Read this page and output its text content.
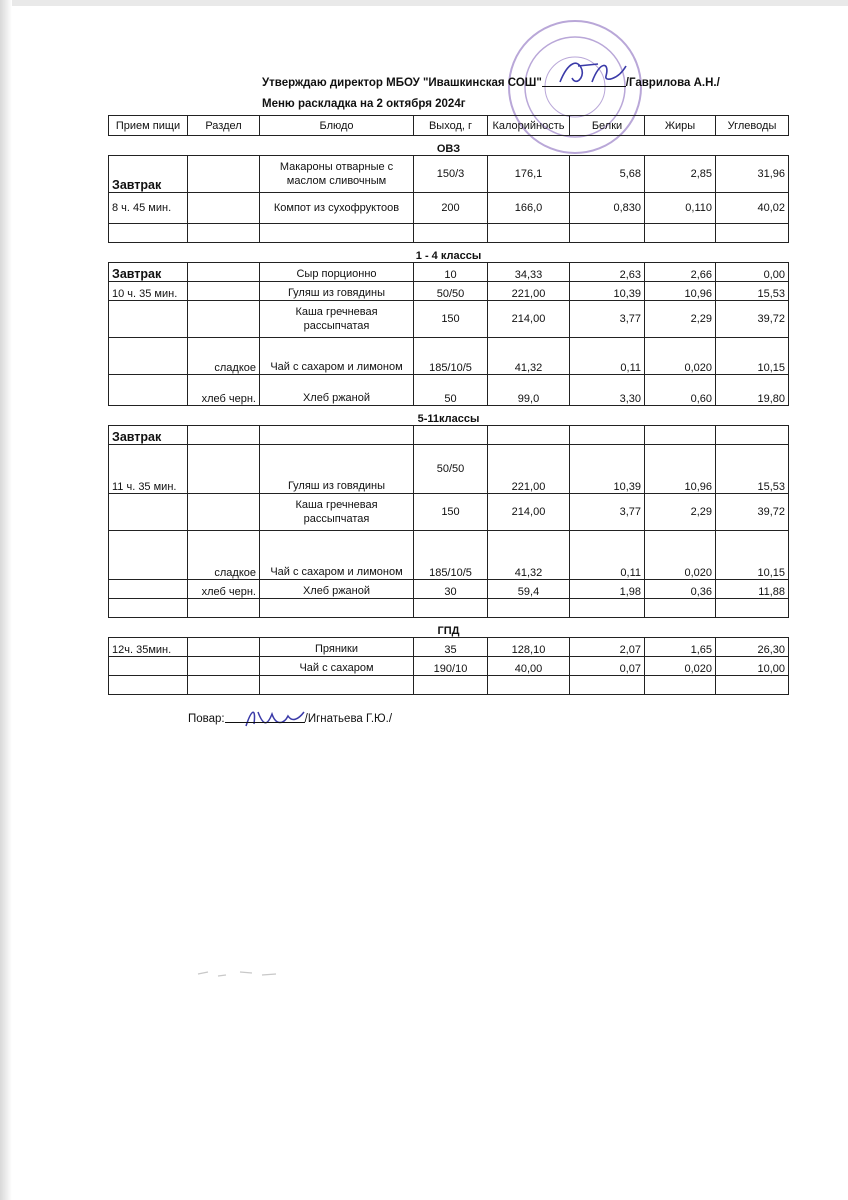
Утверждаю директор МБОУ "Ивашкинская СОШ"	/Гаврилова А.Н./
Меню раскладка на 2 октября 2024г
Прием пищи	Раздел	Блюдо	Выход, г	Калорийность	Белки	Жиры	Углеводы
ОВЗ							
Завтрак		Макароны отварные с маслом сливочным	150/3	176,1	5,68	2,85	31,96
8 ч. 45 мин.		Компот из сухофруктоов	200	166,0	0,830	0,110	40,02

1 - 4 классы							
Завтрак		Сыр порционно	10	34,33	2,63	2,66	0,00
10 ч. 35 мин.		Гуляш из говядины	50/50	221,00	10,39	10,96	15,53
		Каша гречневая рассыпчатая	150	214,00	3,77	2,29	39,72
	сладкое	Чай с сахаром и лимоном	185/10/5	41,32	0,11	0,020	10,15
	хлеб черн.	Хлеб ржаной	50	99,0	3,30	0,60	19,80
5-11классы							
Завтрак							
11 ч. 35 мин.		Гуляш из говядины	50/50	221,00	10,39	10,96	15,53
		Каша гречневая рассыпчатая	150	214,00	3,77	2,29	39,72
	сладкое	Чай с сахаром и лимоном	185/10/5	41,32	0,11	0,020	10,15
	хлеб черн.	Хлеб ржаной	30	59,4	1,98	0,36	11,88

ГПД							
12ч. 35мин.		Пряники	35	128,10	2,07	1,65	26,30
		Чай с сахаром	190/10	40,00	0,07	0,020	10,00

Повар:	/Игнатьева Г.Ю./
